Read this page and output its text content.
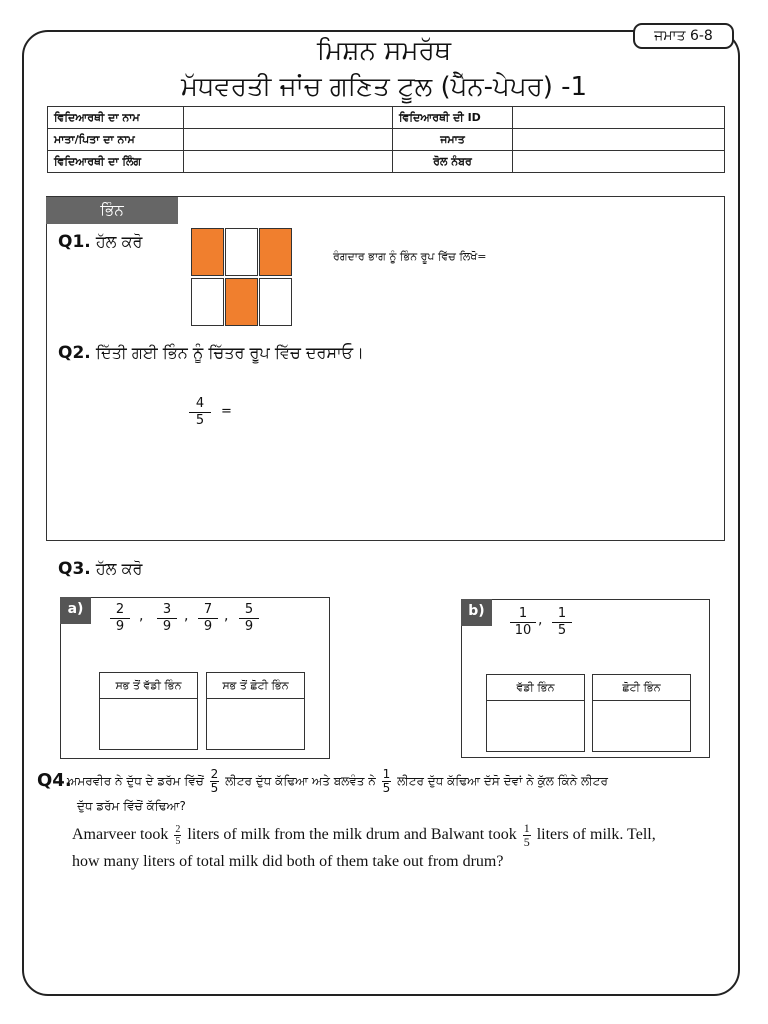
ਜਮਾਤ 6-8
ਮਿਸ਼ਨ ਸਮਰੱਥ
ਮੱਧਵਰਤੀ ਜਾਂਚ ਗਣਿਤ ਟੂਲ (ਪੈੱਨ-ਪੇਪਰ) -1
ਵਿਦਿਆਰਥੀ ਦਾ ਨਾਮ		ਵਿਦਿਆਰਥੀ ਦੀ ID	
ਮਾਤਾ/ਪਿਤਾ ਦਾ ਨਾਮ		ਜਮਾਤ	
ਵਿਦਿਆਰਥੀ ਦਾ ਲਿੰਗ		ਰੋਲ ਨੰਬਰ	
ਭਿੰਨ
Q1. ਹੱਲ ਕਰੋ
ਰੰਗਦਾਰ ਭਾਗ ਨੂੰ ਭਿੰਨ ਰੂਪ ਵਿੱਚ ਲਿਖੋ=
Q2. ਦਿੱਤੀ ਗਈ ਭਿੰਨ ਨੂੰ ਚਿੱਤਰ ਰੂਪ ਵਿੱਚ ਦਰਸਾਓ।
$\frac{4}{5}$ =
Q3. ਹੱਲ ਕਰੋ
a)	$\frac{2}{9}$ , $\frac{3}{9}$ , $\frac{7}{9}$ , $\frac{5}{9}$
ਸਭ ਤੋਂ ਵੱਡੀ ਭਿੰਨ	ਸਭ ਤੋਂ ਛੋਟੀ ਭਿੰਨ
b)	$\frac{1}{10}$ , $\frac{1}{5}$
ਵੱਡੀ ਭਿੰਨ	ਛੋਟੀ ਭਿੰਨ
Q4.
ਅਮਰਵੀਰ ਨੇ ਦੁੱਧ ਦੇ ਡਰੱਮ ਵਿੱਚੋਂ $\frac{2}{5}$ ਲੀਟਰ ਦੁੱਧ ਕੱਢਿਆ ਅਤੇ ਬਲਵੰਤ ਨੇ $\frac{1}{5}$ ਲੀਟਰ ਦੁੱਧ ਕੱਢਿਆ ਦੱਸੋ ਦੋਵਾਂ ਨੇ ਕੁੱਲ ਕਿੰਨੇ ਲੀਟਰ
ਦੁੱਧ ਡਰੱਮ ਵਿੱਚੋਂ ਕੱਢਿਆ?
Amarveer took $\frac{2}{5}$ liters of milk from the milk drum and Balwant took $\frac{1}{5}$ liters of milk. Tell,
how many liters of total milk did both of them take out from drum?
